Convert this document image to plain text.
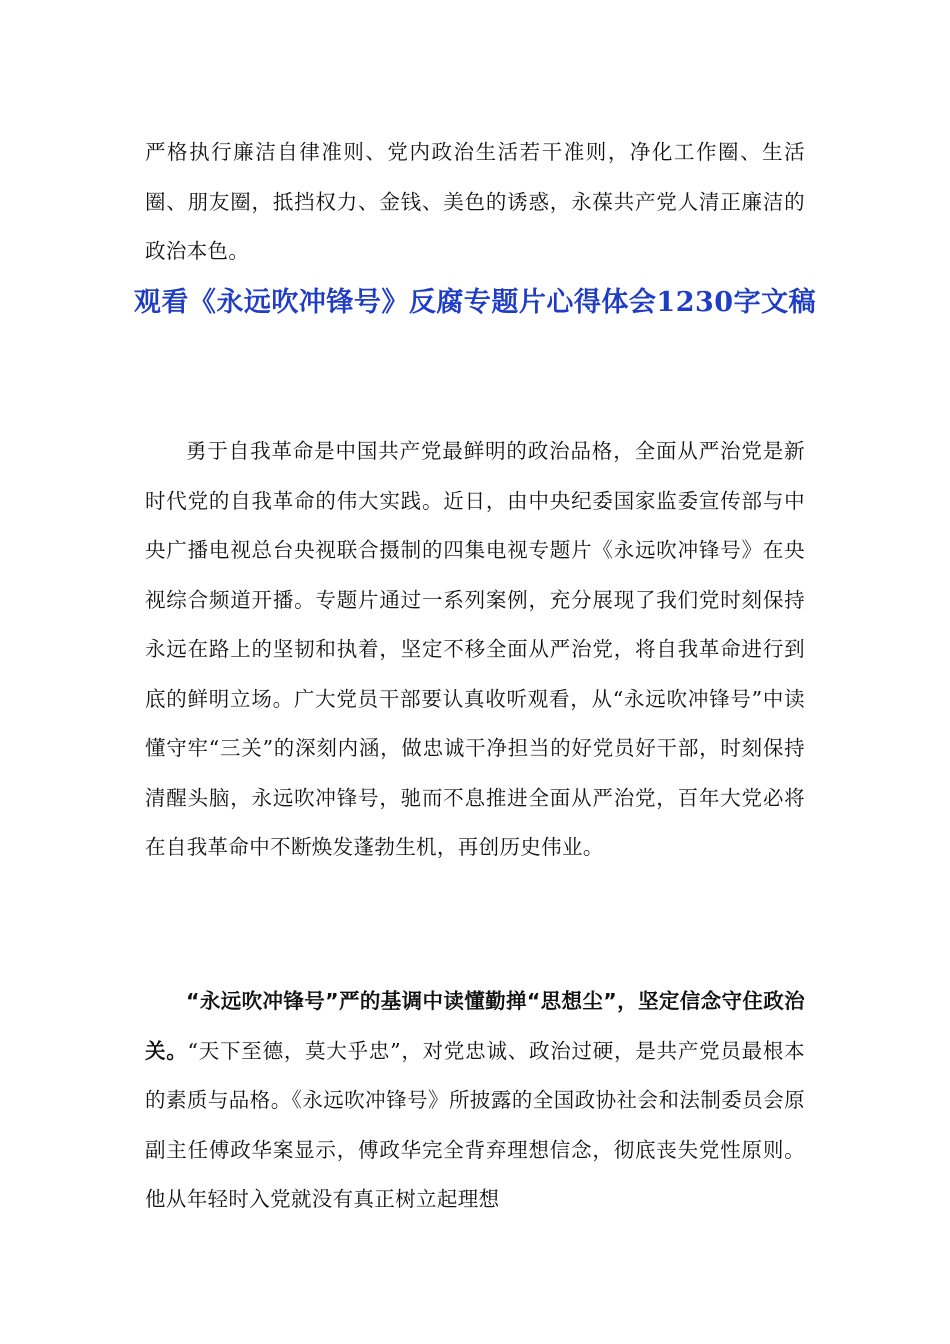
严格执行廉洁自律准则、党内政治生活若干准则，净化工作圈、生活圈、朋友圈，抵挡权力、金钱、美色的诱惑，永葆共产党人清正廉洁的政治本色。

观看《永远吹冲锋号》反腐专题片心得体会1230字文稿

勇于自我革命是中国共产党最鲜明的政治品格，全面从严治党是新时代党的自我革命的伟大实践。近日，由中央纪委国家监委宣传部与中央广播电视总台央视联合摄制的四集电视专题片《永远吹冲锋号》在央视综合频道开播。专题片通过一系列案例，充分展现了我们党时刻保持永远在路上的坚韧和执着，坚定不移全面从严治党，将自我革命进行到底的鲜明立场。广大党员干部要认真收听观看，从“永远吹冲锋号”中读懂守牢“三关”的深刻内涵，做忠诚干净担当的好党员好干部，时刻保持清醒头脑，永远吹冲锋号，驰而不息推进全面从严治党，百年大党必将在自我革命中不断焕发蓬勃生机，再创历史伟业。

“永远吹冲锋号”严的基调中读懂勤掸“思想尘”，坚定信念守住政治关。“天下至德，莫大乎忠”，对党忠诚、政治过硬，是共产党员最根本的素质与品格。《永远吹冲锋号》所披露的全国政协社会和法制委员会原副主任傅政华案显示，傅政华完全背弃理想信念，彻底丧失党性原则。他从年轻时入党就没有真正树立起理想
